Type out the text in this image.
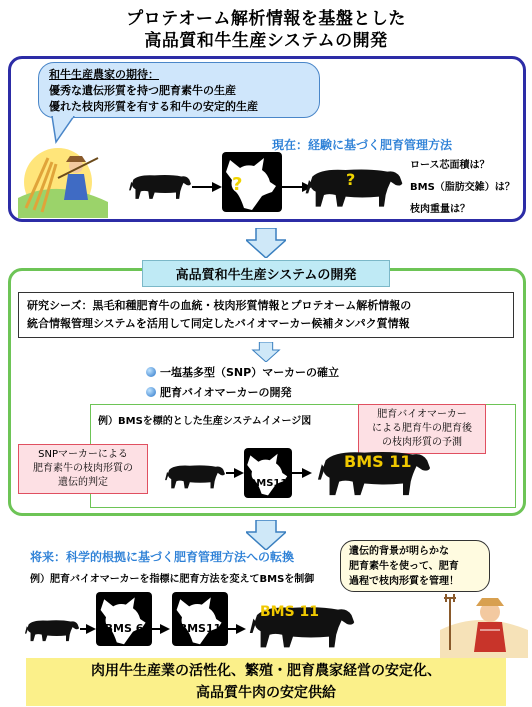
プロテオーム解析情報を基盤とした
高品質和牛生産システムの開発
和牛生産農家の期待：
優秀な遺伝形質を持つ肥育素牛の生産
優れた枝肉形質を有する和牛の安定的生産
現在：経験に基づく肥育管理方法
?	?
ロース芯面積は？
BMS（脂肪交雑）は？
枝肉重量は？
高品質和牛生産システムの開発
研究シーズ：黒毛和種肥育牛の血統・枝肉形質情報とプロテオーム解析情報の
統合情報管理システムを活用して同定したバイオマーカー候補タンパク質情報
一塩基多型（SNP）マーカーの確立
肥育バイオマーカーの開発
例）BMSを標的とした生産システムイメージ図
肥育バイオマーカー
による肥育牛の肥育後
の枝肉形質の予測
SNPマーカーによる
肥育素牛の枝肉形質の
遺伝的判定	BMS11
BMS 11
将来：科学的根拠に基づく肥育管理方法への転換
例）肥育バイオマーカーを指標に肥育方法を変えてBMSを制御
BMS 6	BMS11
BMS 11
遺伝的背景が明らかな
肥育素牛を使って、肥育
過程で枝肉形質を管理！
肉用牛生産業の活性化、繁殖・肥育農家経営の安定化、
高品質牛肉の安定供給
